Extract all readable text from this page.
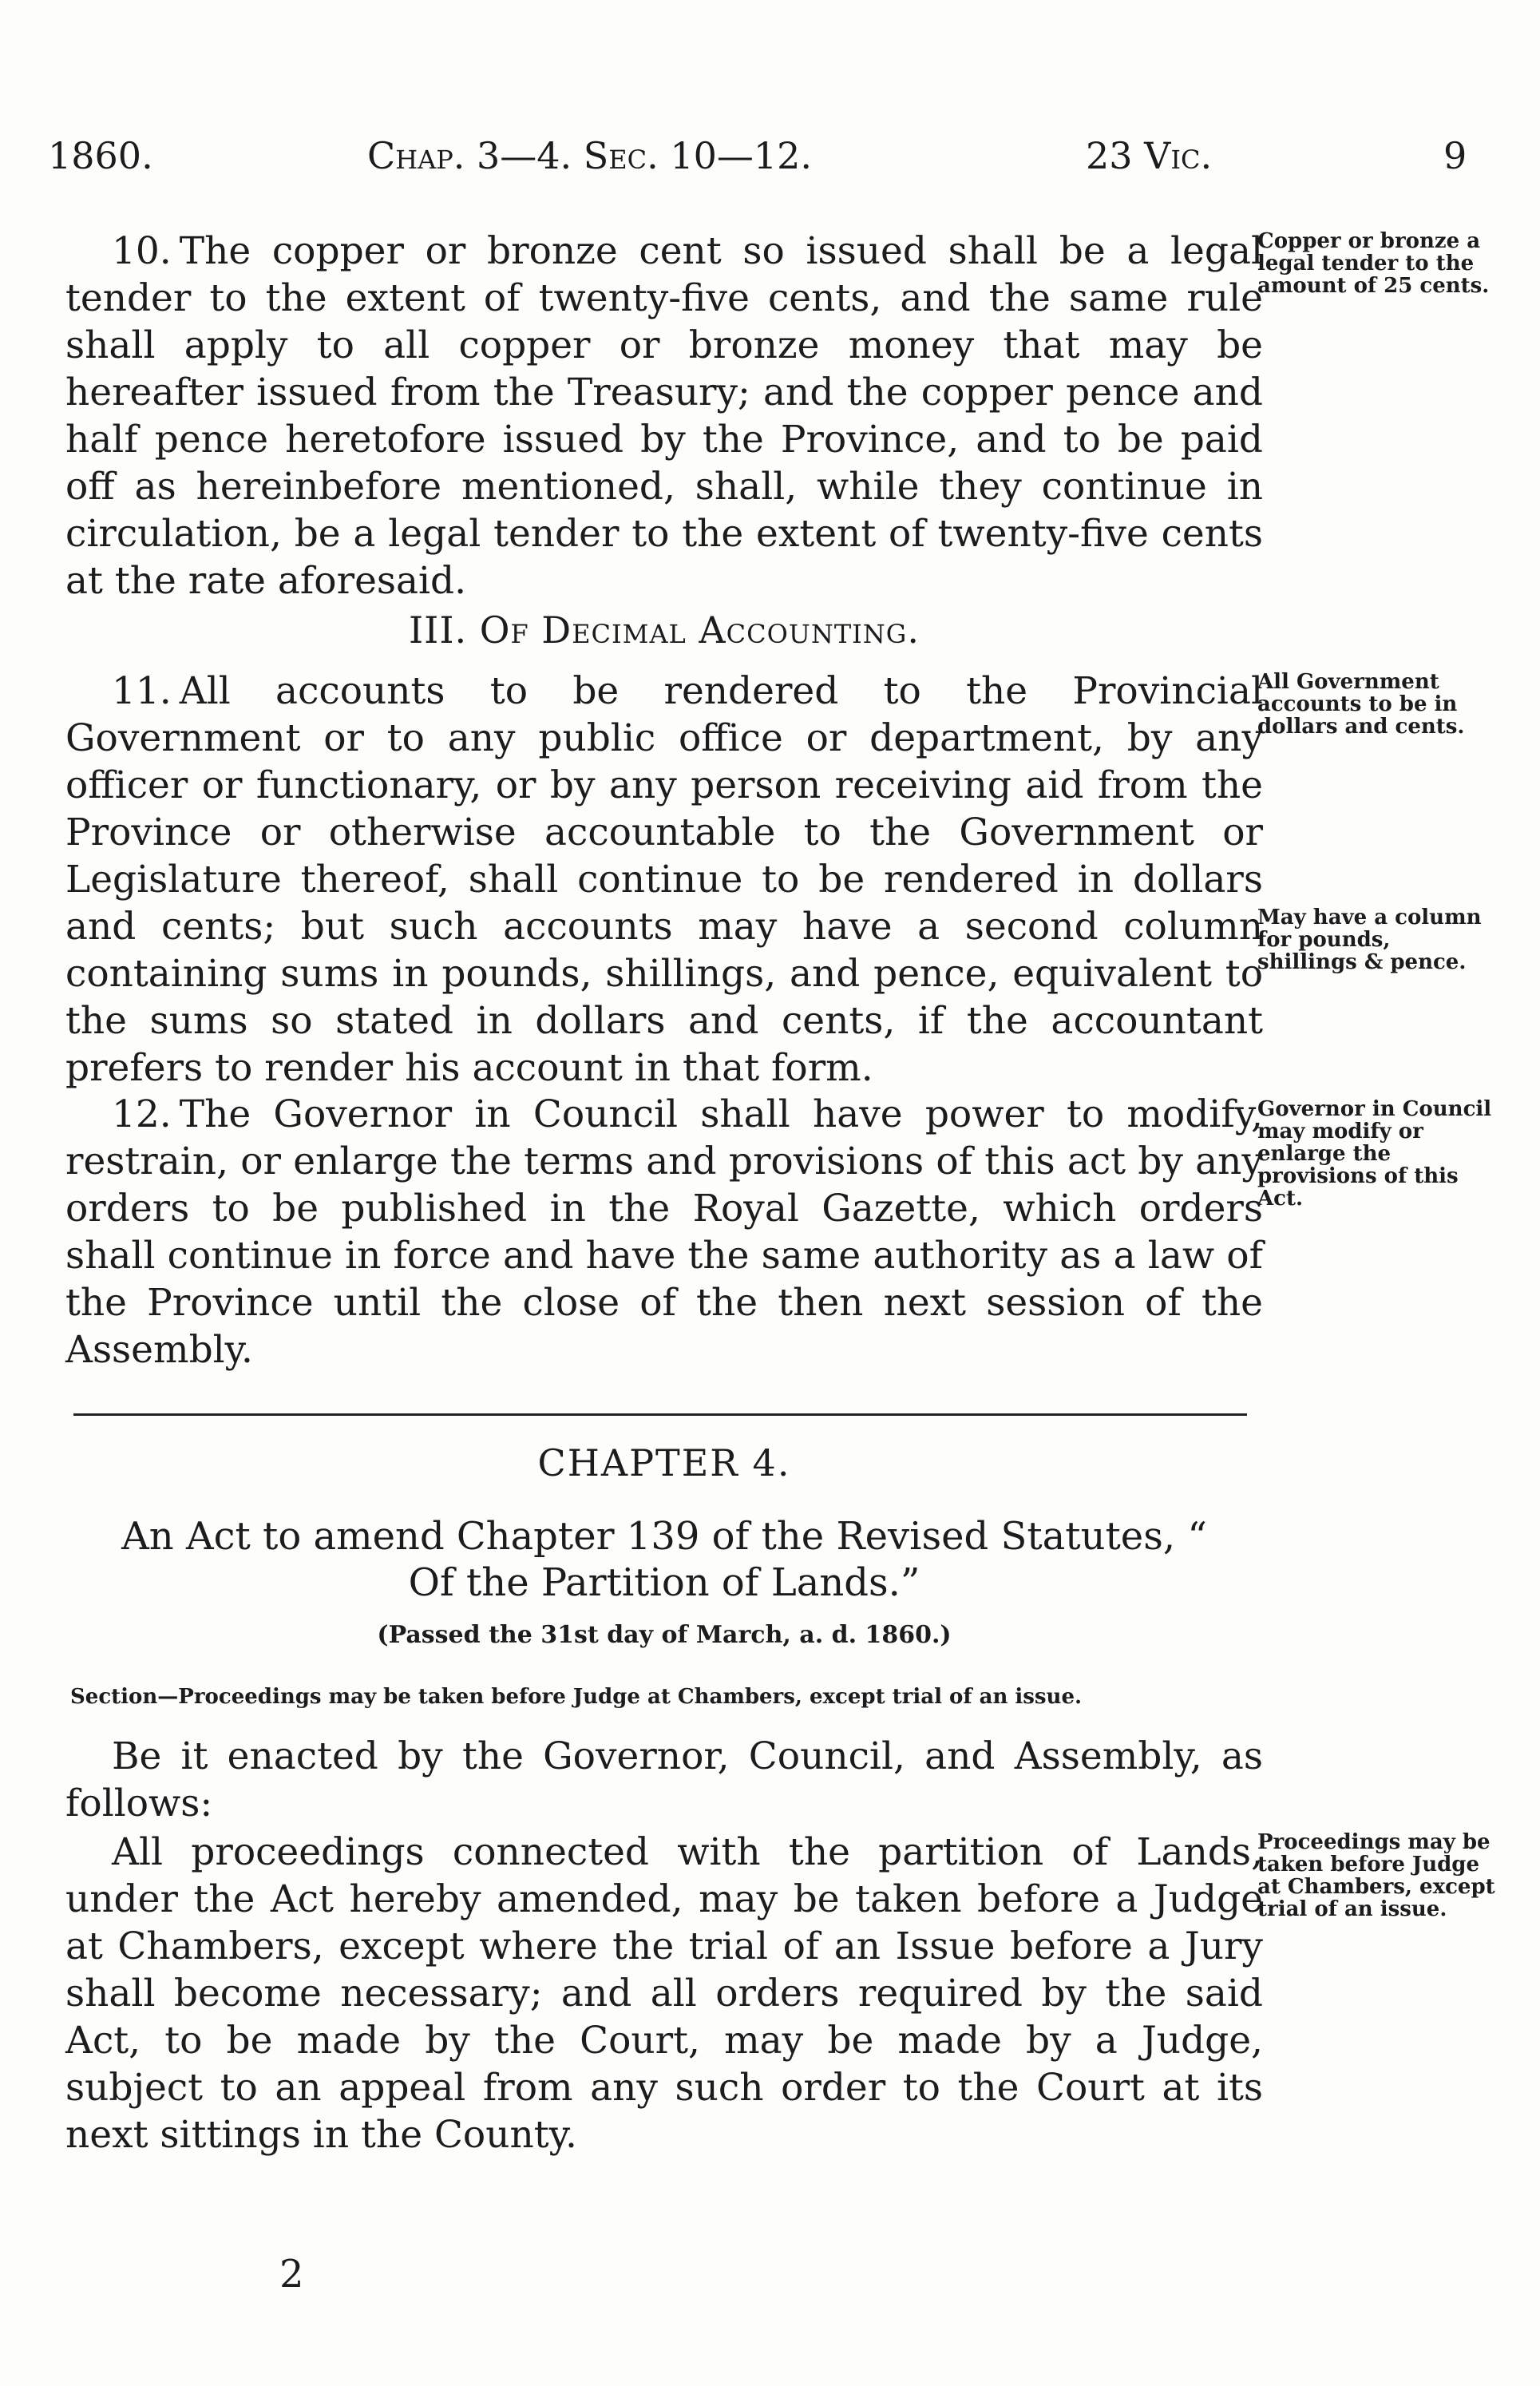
1860.	Chap. 3—4. Sec. 10—12.	23 Vic.	9

10. The copper or bronze cent so issued shall be a legal tender to the extent of twenty-five cents, and the same rule shall apply to all copper or bronze money that may be hereafter issued from the Treasury; and the copper pence and half pence heretofore issued by the Province, and to be paid off as hereinbefore mentioned, shall, while they continue in circulation, be a legal tender to the extent of twenty-five cents at the rate aforesaid.

Copper or bronze a legal tender to the amount of 25 cents.
III. Of Decimal Accounting.

11. All accounts to be rendered to the Provincial Government or to any public office or department, by any officer or functionary, or by any person receiving aid from the Province or otherwise accountable to the Government or Legislature thereof, shall continue to be rendered in dollars and cents; but such accounts may have a second column containing sums in pounds, shillings, and pence, equivalent to the sums so stated in dollars and cents, if the accountant prefers to render his account in that form.

All Government accounts to be in dollars and cents.
May have a column for pounds, shillings & pence.

12. The Governor in Council shall have power to modify, restrain, or enlarge the terms and provisions of this act by any orders to be published in the Royal Gazette, which orders shall continue in force and have the same authority as a law of the Province until the close of the then next session of the Assembly.

Governor in Council may modify or enlarge the provisions of this Act.
CHAPTER 4.
An Act to amend Chapter 139 of the Revised Statutes, “ Of the Partition of Lands.”
(Passed the 31st day of March, a. d. 1860.)
Section—Proceedings may be taken before Judge at Chambers, except trial of an issue.

Be it enacted by the Governor, Council, and Assembly, as follows:

All proceedings connected with the partition of Lands, under the Act hereby amended, may be taken before a Judge at Chambers, except where the trial of an Issue before a Jury shall become necessary; and all orders required by the said Act, to be made by the Court, may be made by a Judge, subject to an appeal from any such order to the Court at its next sittings in the County.

Proceedings may be taken before Judge at Chambers, except trial of an issue.
2
